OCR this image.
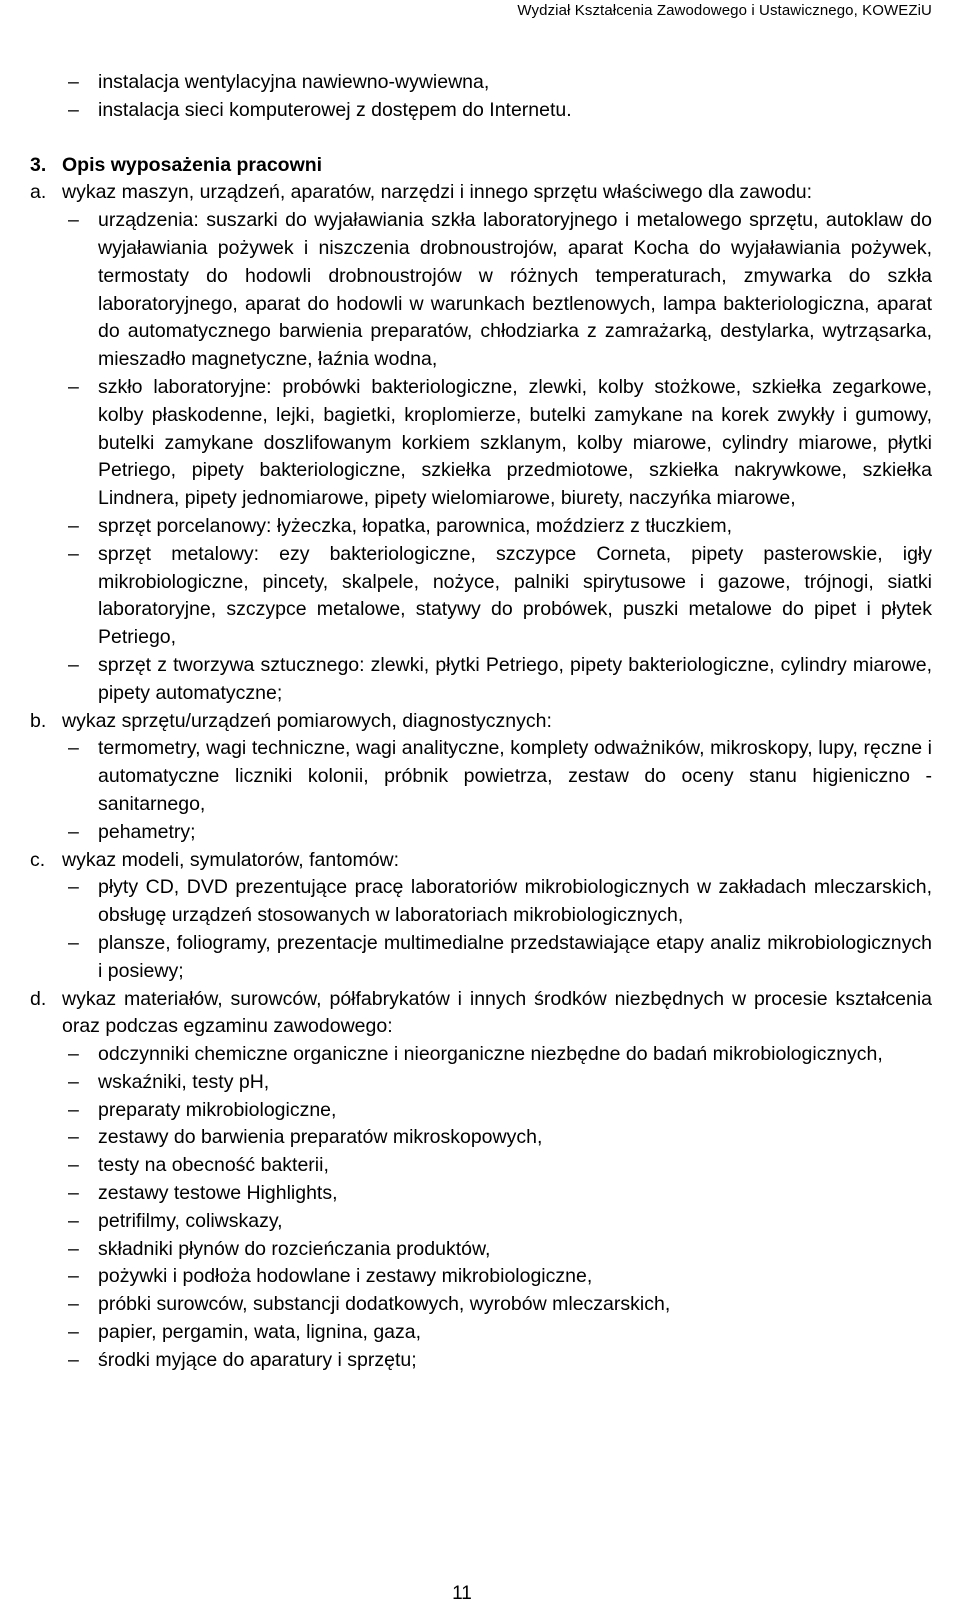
Wydział Kształcenia Zawodowego i Ustawicznego, KOWEZiU
– instalacja wentylacyjna nawiewno-wywiewna,
– instalacja sieci komputerowej z dostępem do Internetu.
3. Opis wyposażenia pracowni
a. wykaz maszyn, urządzeń, aparatów, narzędzi i innego sprzętu właściwego dla zawodu:
– urządzenia: suszarki do wyjaławiania szkła laboratoryjnego i metalowego sprzętu, autoklaw do wyjaławiania pożywek i niszczenia drobnoustrojów, aparat Kocha do wyjaławiania pożywek, termostaty do hodowli drobnoustrojów w różnych temperaturach, zmywarka do szkła laboratoryjnego, aparat do hodowli w warunkach beztlenowych, lampa bakteriologiczna, aparat do automatycznego barwienia preparatów, chłodziarka z zamrażarką, destylarka, wytrząsarka, mieszadło magnetyczne, łaźnia wodna,
– szkło laboratoryjne: probówki bakteriologiczne, zlewki, kolby stożkowe, szkiełka zegarkowe, kolby płaskodenne, lejki, bagietki, kroplomierze, butelki zamykane na korek zwykły i gumowy, butelki zamykane doszlifowanym korkiem szklanym, kolby miarowe, cylindry miarowe, płytki Petriego, pipety bakteriologiczne, szkiełka przedmiotowe, szkiełka nakrywkowe, szkiełka Lindnera, pipety jednomiarowe, pipety wielomiarowe, biurety, naczyńka miarowe,
– sprzęt porcelanowy: łyżeczka, łopatka, parownica, moździerz z tłuczkiem,
– sprzęt metalowy: ezy bakteriologiczne, szczypce Corneta, pipety pasterowskie, igły mikrobiologiczne, pincety, skalpele, nożyce, palniki spirytusowe i gazowe, trójnogi, siatki laboratoryjne, szczypce metalowe, statywy do probówek, puszki metalowe do pipet i płytek Petriego,
– sprzęt z tworzywa sztucznego: zlewki, płytki Petriego, pipety bakteriologiczne, cylindry miarowe, pipety automatyczne;
b. wykaz sprzętu/urządzeń pomiarowych, diagnostycznych:
– termometry, wagi techniczne, wagi analityczne, komplety odważników, mikroskopy, lupy, ręczne i automatyczne liczniki kolonii, próbnik powietrza, zestaw do oceny stanu higieniczno - sanitarnego,
– pehametry;
c. wykaz modeli, symulatorów, fantomów:
– płyty CD, DVD prezentujące pracę laboratoriów mikrobiologicznych w zakładach mleczarskich, obsługę urządzeń stosowanych w laboratoriach mikrobiologicznych,
– plansze, foliogramy, prezentacje multimedialne przedstawiające etapy analiz mikrobiologicznych i posiewy;
d. wykaz materiałów, surowców, półfabrykatów i innych środków niezbędnych w procesie kształcenia oraz podczas egzaminu zawodowego:
– odczynniki chemiczne organiczne i nieorganiczne niezbędne do badań mikrobiologicznych,
– wskaźniki, testy pH,
– preparaty mikrobiologiczne,
– zestawy do barwienia preparatów mikroskopowych,
– testy na obecność bakterii,
– zestawy testowe Highlights,
– petrifilmy, coliwskazy,
– składniki płynów do rozcieńczania produktów,
– pożywki i podłoża hodowlane i zestawy mikrobiologiczne,
– próbki surowców, substancji dodatkowych, wyrobów mleczarskich,
– papier, pergamin, wata, lignina, gaza,
– środki myjące do aparatury i sprzętu;
11
